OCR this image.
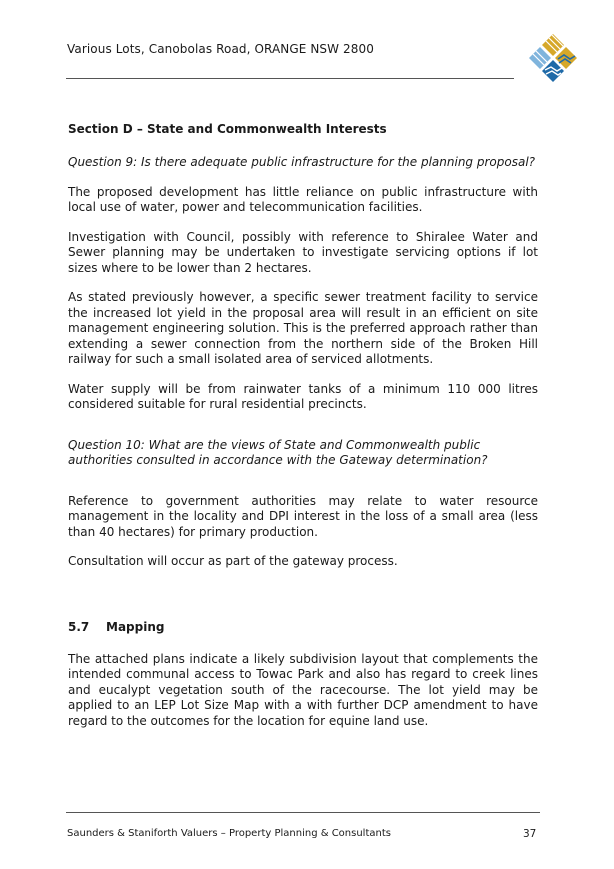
Various Lots, Canobolas Road, ORANGE NSW 2800
Section D – State and Commonwealth Interests
Question 9: Is there adequate public infrastructure for the planning proposal?
The proposed development has little reliance on public infrastructure with local use of water, power and telecommunication facilities.
Investigation with Council, possibly with reference to Shiralee Water and Sewer planning may be undertaken to investigate servicing options if lot sizes where to be lower than 2 hectares.
As stated previously however, a specific sewer treatment facility to service the increased lot yield in the proposal area will result in an efficient on site management engineering solution. This is the preferred approach rather than extending a sewer connection from the northern side of the Broken Hill railway for such a small isolated area of serviced allotments.
Water supply will be from rainwater tanks of a minimum 110 000 litres considered suitable for rural residential precincts.
Question 10: What are the views of State and Commonwealth public authorities consulted in accordance with the Gateway determination?
Reference to government authorities may relate to water resource management in the locality and DPI interest in the loss of a small area (less than 40 hectares) for primary production.
Consultation will occur as part of the gateway process.
5.7	Mapping
The attached plans indicate a likely subdivision layout that complements the intended communal access to Towac Park and also has regard to creek lines and eucalypt vegetation south of the racecourse. The lot yield may be applied to an LEP Lot Size Map with a with further DCP amendment to have regard to the outcomes for the location for equine land use.
Saunders & Staniforth Valuers – Property Planning & Consultants	37
